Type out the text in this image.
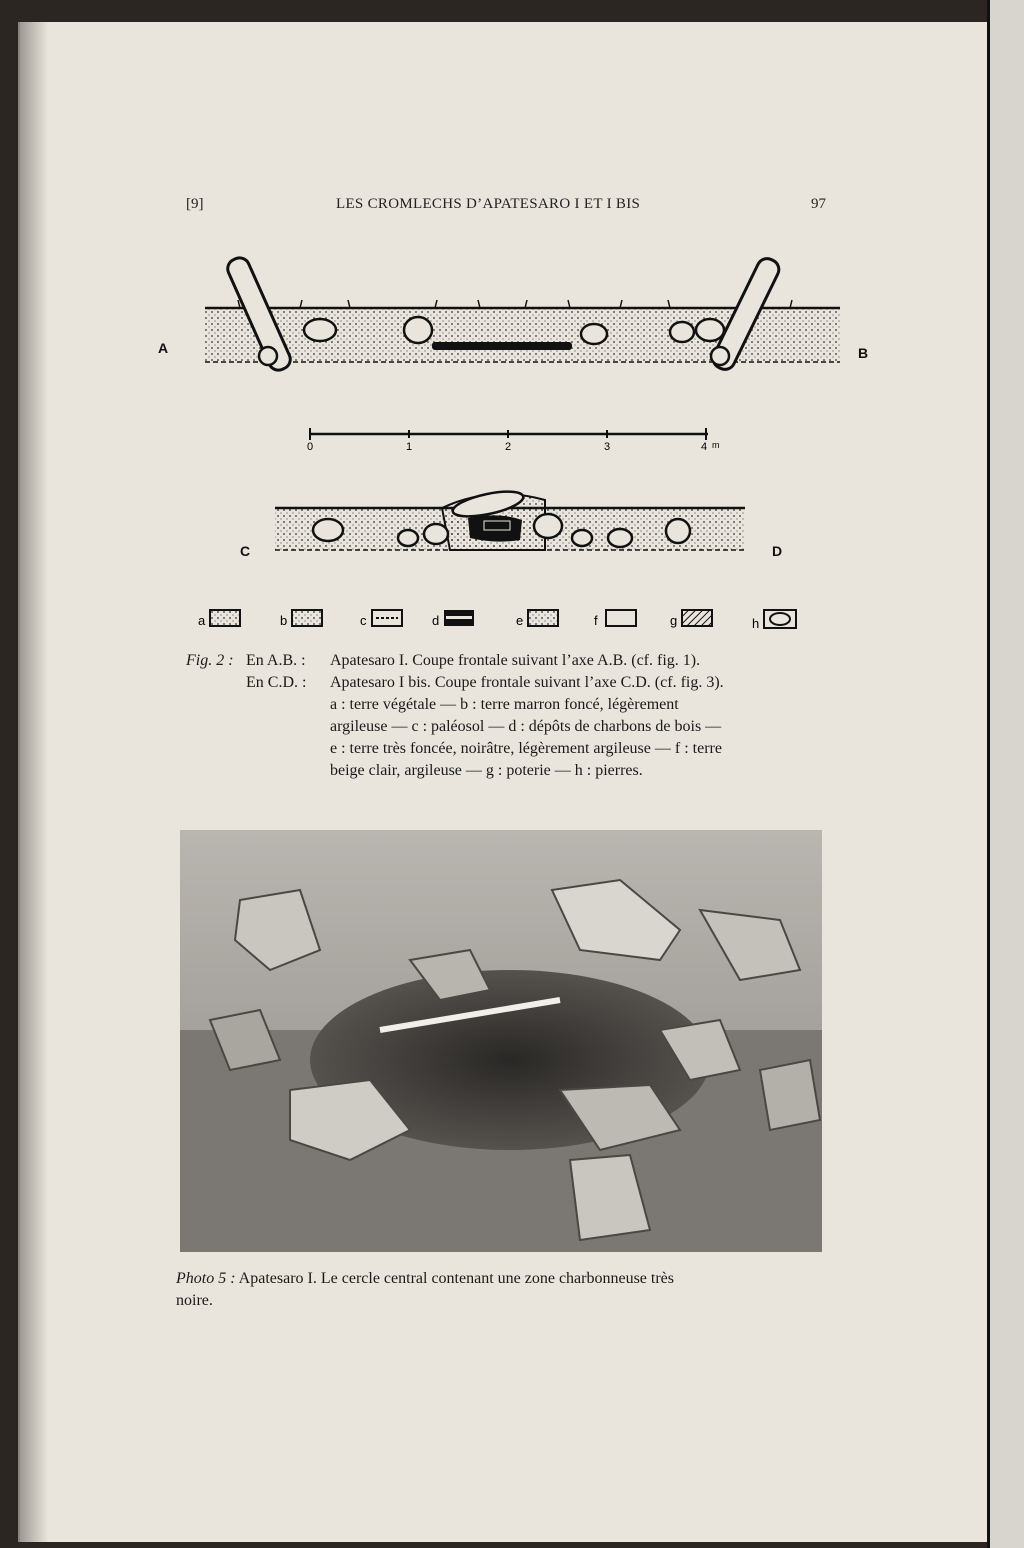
[9]	LES CROMLECHS D’APATESARO I ET I BIS	97
A	B
0	1	2	3	4 m
C	D
a	b	c	d	e	f	g	h
Fig. 2 : En A.B. : Apatesaro I. Coupe frontale suivant l’axe A.B. (cf. fig. 1).
En C.D. : Apatesaro I bis. Coupe frontale suivant l’axe C.D. (cf. fig. 3).
a : terre végétale — b : terre marron foncé, légèrement
argileuse — c : paléosol — d : dépôts de charbons de bois —
e : terre très foncée, noirâtre, légèrement argileuse — f : terre
beige clair, argileuse — g : poterie — h : pierres.
Photo 5 : Apatesaro I. Le cercle central contenant une zone charbonneuse très
noire.
